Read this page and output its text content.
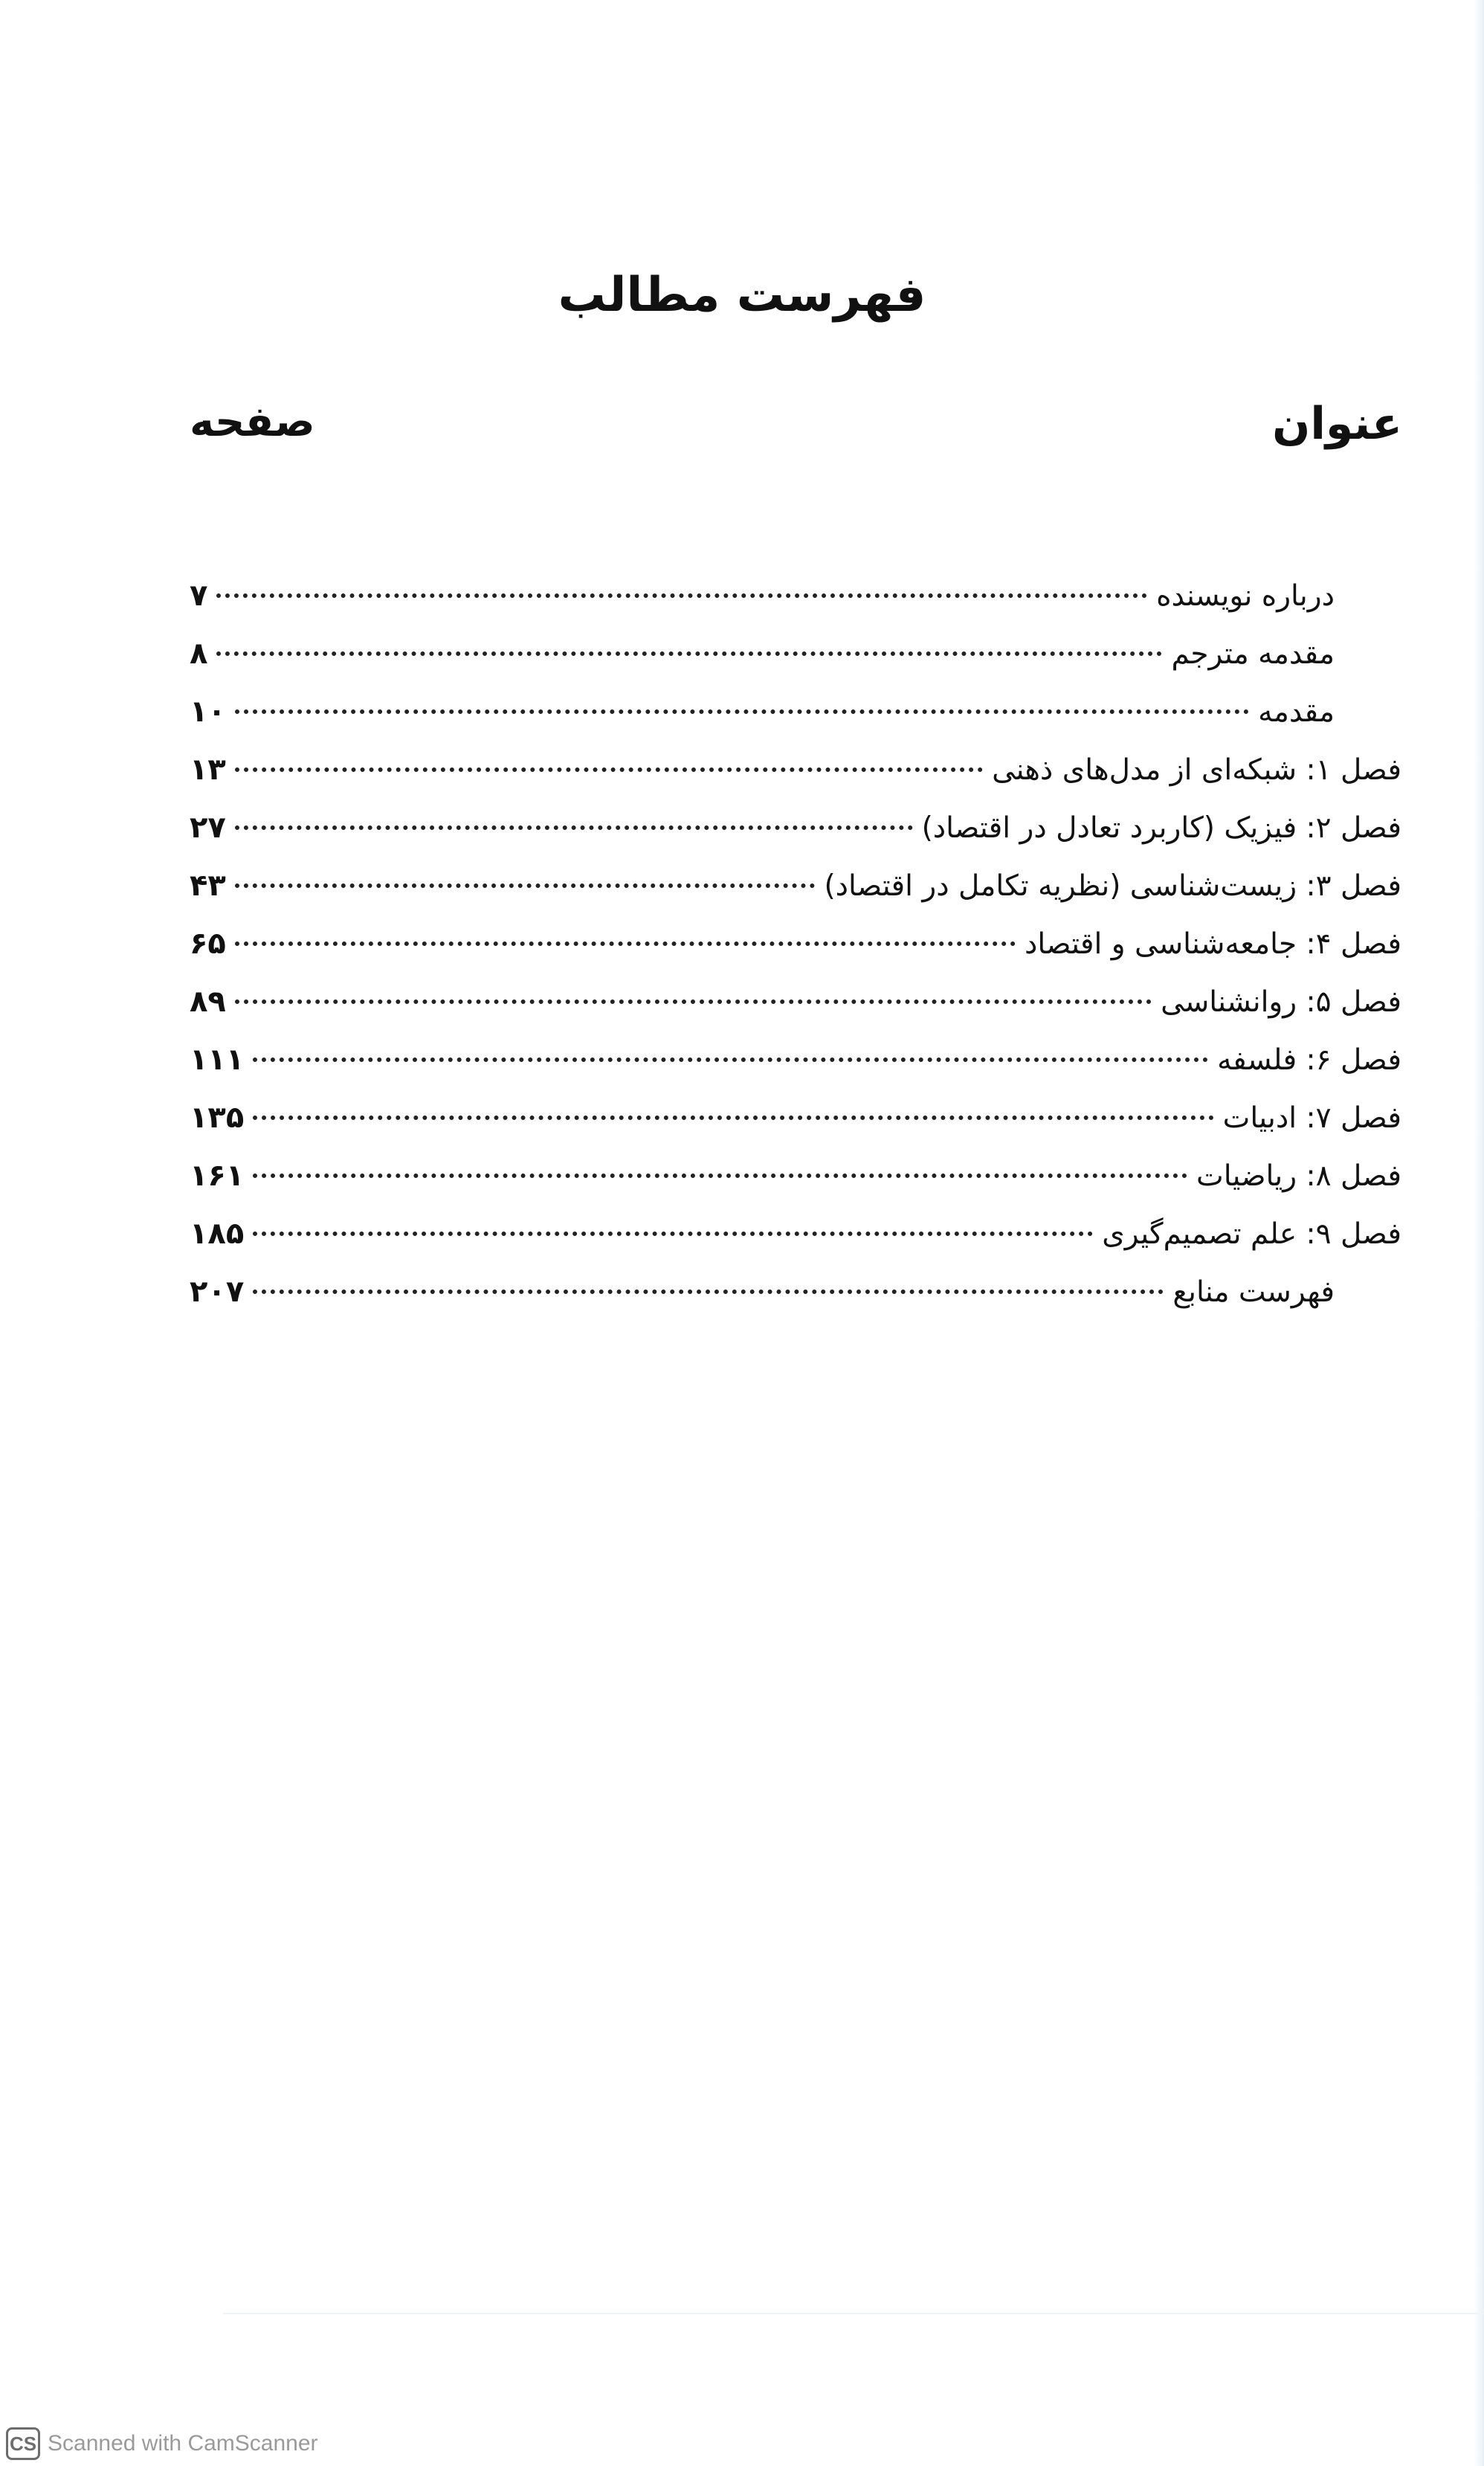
فهرست مطالب
عنوان
صفحه
درباره نویسنده
۷
مقدمه مترجم
۸
مقدمه
۱۰
فصل ۱: شبکه‌ای از مدل‌های ذهنی
۱۳
فصل ۲: فیزیک (کاربرد تعادل در اقتصاد)
۲۷
فصل ۳: زیست‌شناسی (نظریه تکامل در اقتصاد)
۴۳
فصل ۴: جامعه‌شناسی و اقتصاد
۶۵
فصل ۵: روانشناسی
۸۹
فصل ۶: فلسفه
۱۱۱
فصل ۷: ادبیات
۱۳۵
فصل ۸: ریاضیات
۱۶۱
فصل ۹: علم تصمیم‌گیری
۱۸۵
فهرست منابع
۲۰۷
CS Scanned with CamScanner
